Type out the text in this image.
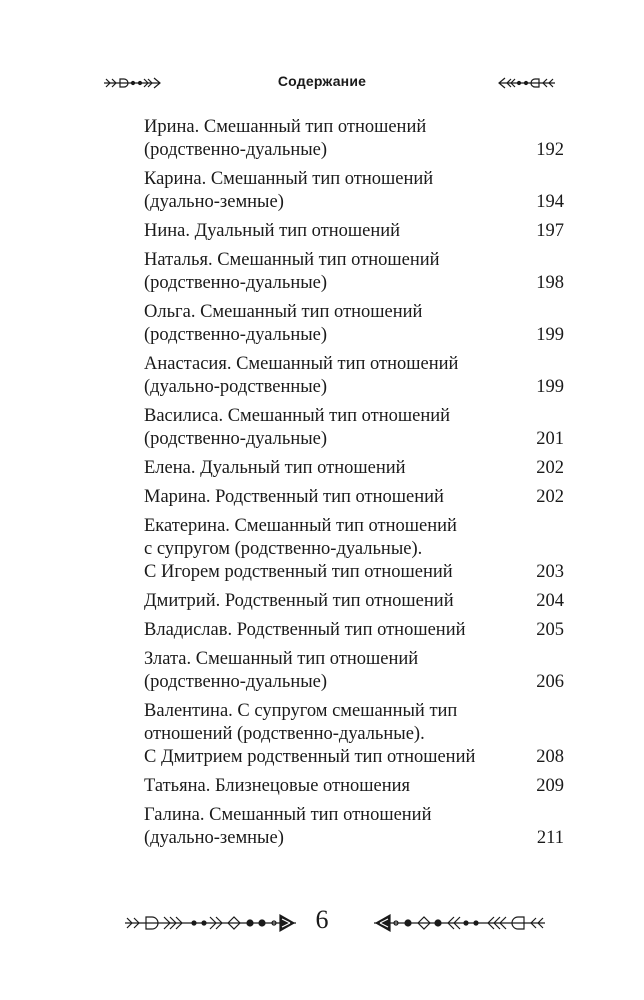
Содержание
Ирина. Смешанный тип отношений
(родственно-дуальные)	192
Карина. Смешанный тип отношений
(дуально-земные)	194
Нина. Дуальный тип отношений	197
Наталья. Смешанный тип отношений
(родственно-дуальные)	198
Ольга. Смешанный тип отношений
(родственно-дуальные)	199
Анастасия. Смешанный тип отношений
(дуально-родственные)	199
Василиса. Смешанный тип отношений
(родственно-дуальные)	201
Елена. Дуальный тип отношений	202
Марина. Родственный тип отношений	202
Екатерина. Смешанный тип отношений
с супругом (родственно-дуальные).
С Игорем родственный тип отношений	203
Дмитрий. Родственный тип отношений	204
Владислав. Родственный тип отношений	205
Злата. Смешанный тип отношений
(родственно-дуальные)	206
Валентина. С супругом смешанный тип
отношений (родственно-дуальные).
С Дмитрием родственный тип отношений	208
Татьяна. Близнецовые отношения	209
Галина. Смешанный тип отношений
(дуально-земные)	211
6
